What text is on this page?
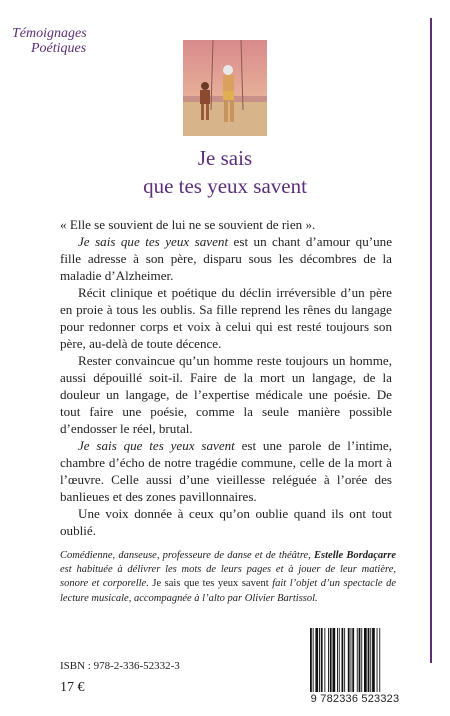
Témoignages
Poétiques
Je sais
que tes yeux savent

« Elle se souvient de lui ne se souvient de rien ».

Je sais que tes yeux savent est un chant d’amour qu’une fille adresse à son père, disparu sous les décombres de la maladie d’Alzheimer.

Récit clinique et poétique du déclin irréversible d’un père en proie à tous les oublis. Sa fille reprend les rênes du langage pour redonner corps et voix à celui qui est resté toujours son père, au-delà de toute décence.

Rester convaincue qu’un homme reste toujours un homme, aussi dépouillé soit-il. Faire de la mort un langage, de la douleur un langage, de l’expertise médicale une poésie. De tout faire une poésie, comme la seule manière possible d’endosser le réel, brutal.

Je sais que tes yeux savent est une parole de l’intime, chambre d’écho de notre tragédie commune, celle de la mort à l’œuvre. Celle aussi d’une vieillesse reléguée à l’orée des banlieues et des zones pavillonnaires.

Une voix donnée à ceux qu’on oublie quand ils ont tout oublié.

Comédienne, danseuse, professeure de danse et de théâtre, Estelle Bordaçarre est habituée à délivrer les mots de leurs pages et à jouer de leur matière, sonore et corporelle. Je sais que tes yeux savent fait l’objet d’un spectacle de lecture musicale, accompagnée à l’alto par Olivier Bartissol.
ISBN : 978-2-336-52332-3
17 €
9 782336 523323
